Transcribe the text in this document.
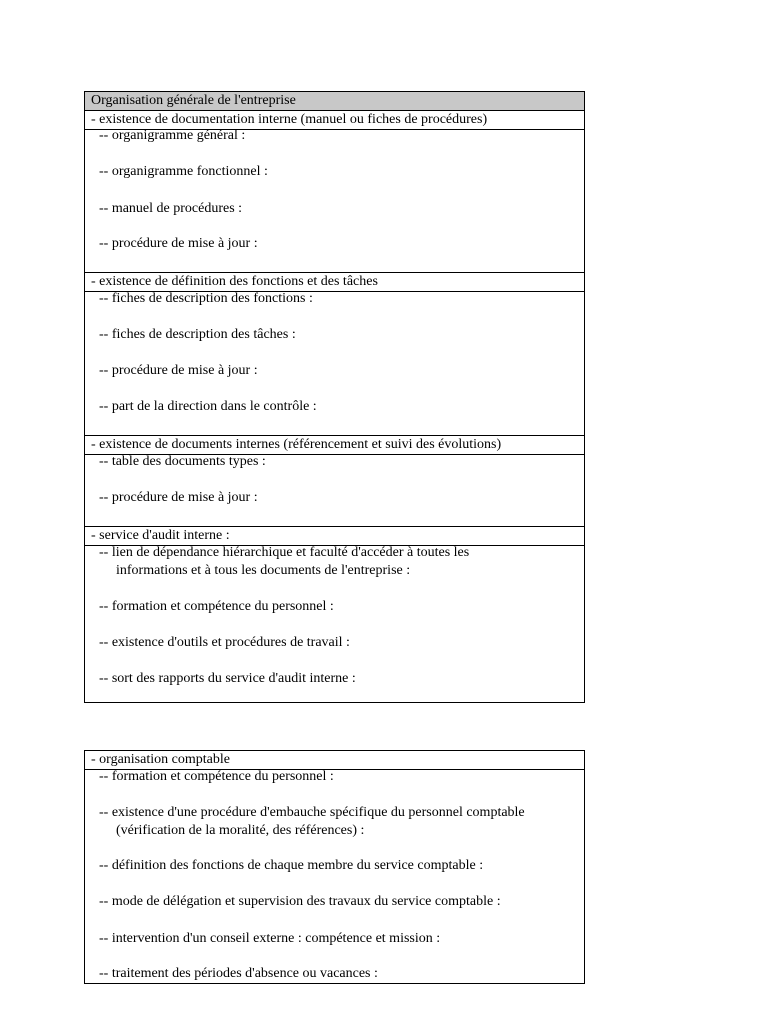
Organisation générale de l'entreprise
- existence de documentation interne (manuel ou fiches de procédures)
-- organigramme général :
-- organigramme fonctionnel :
-- manuel de procédures :
-- procédure de mise à jour :
- existence de définition des fonctions et des tâches
-- fiches de description des fonctions :
-- fiches de description des tâches :
-- procédure de mise à jour :
-- part de la direction dans le contrôle :
- existence de documents internes (référencement et suivi des évolutions)
-- table des documents types :
-- procédure de mise à jour :
- service d'audit interne :
-- lien de dépendance hiérarchique et faculté d'accéder à toutes les
informations et à tous les documents de l'entreprise :
-- formation et compétence du personnel :
-- existence d'outils et procédures de travail :
-- sort des rapports du service d'audit interne :
- organisation comptable
-- formation et compétence du personnel :
-- existence d'une procédure d'embauche spécifique du personnel comptable
(vérification de la moralité, des références) :
-- définition des fonctions de chaque membre du service comptable :
-- mode de délégation et supervision des travaux du service comptable :
-- intervention d'un conseil externe : compétence et mission :
-- traitement des périodes d'absence ou vacances :
